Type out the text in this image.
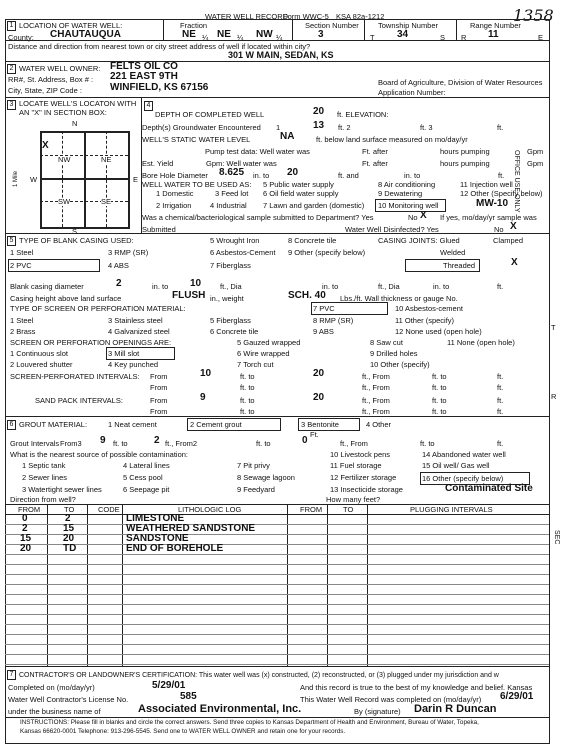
1358
WATER WELL RECORD
Form WWC-5 KSA 82a-1212
1 LOCATION OF WATER WELL:
County: CHAUTAUQUA
Fraction
NE ¼ NE ¼ NW ¼
Section Number
3
Township Number
T 34	S
Range Number
R 11	E
Distance and direction from nearest town or city street address of well if located within city?
301 W MAIN, SEDAN, KS
2 WATER WELL OWNER: FELTS OIL CO
RR#, St. Address, Box # : 221 EAST 9TH
City, State, ZIP Code :	WINFIELD, KS 67156	Board of Agriculture, Division of Water Resources
Application Number:
3 LOCATE WELL'S LOCATON WITH
AN "X" IN SECTION BOX:
N
S
W	E
1 Mile
NW	NE
SW	SE
X
4
DEPTH OF COMPLETED WELL	20 ft. ELEVATION:
Depth(s) Groundwater Encountered 1	13 ft. 2	ft. 3	ft.
WELL'S STATIC WATER LEVEL	NA	ft. below land surface measured on mo/day/yr
Pump test data: Well water was	Ft. after	hours pumping	Gpm
Est. Yield	Gpm: Well water was	Ft. after	hours pumping	Gpm
Bore Hole Diameter 8.625 in. to 20	ft. and	in. to	ft.
WELL WATER TO BE USED AS:
1 Domestic	3 Feed lot
5 Public water supply
6 Oil field water supply
8 Air conditioning
9 Dewatering
11 Injection well
12 Other (Specify below)
2 Irrigation 4 Industrial 7 Lawn and garden (domestic) 10 Monitoring well	MW-10
Was a chemical/bacteriological sample submitted to Department? Yes	No X If yes, mo/day/yr sample was
Submitted	Water Well Disinfected? Yes	No X
5 TYPE OF BLANK CASING USED:
1 Steel	3 RMP (SR)
5 Wrought Iron	8 Concrete tile
2 PVC	4 ABS
6 Asbestos-Cement 9 Other (specify below)
7 Fiberglass
CASING JOINTS: Glued	Clamped
Welded
Threaded	X
Blank casing diameter	2	in. to 10	ft., Dia	in. to	ft., Dia	in. to	ft.
Casing height above land surface	FLUSH in., weight	SCH. 40 Lbs./ft. Wall thickness or gauge No.
TYPE OF SCREEN OR PERFORATION MATERIAL:
1 Steel	3 Stainless steel	5 Fiberglass
7 PVC	10 Asbestos-cement
2 Brass	4 Galvanized steel	6 Concrete tile
8 RMP (SR)	11 Other (specify)
9 ABS	12 None used (open hole)
SCREEN OR PERFORATION OPENINGS ARE:	5 Gauzed wrapped	8 Saw cut	11 None (open hole)
1 Continuous slot	3 Mill slot	6 Wire wrapped	9 Drilled holes
2 Louvered shutter	4 Key punched	7 Torch cut	10 Other (specify)
SCREEN-PERFORATED INTERVALS: From	10	ft. to	20	ft., From	ft. to	ft.
From	ft. to	ft., From	ft. to	ft.
SAND PACK INTERVALS:	From	9	ft. to	20	ft., From	ft. to	ft.
From	ft. to	ft., From	ft. to	ft.
6 GROUT MATERIAL:	1 Neat cement	2 Cement grout	3 Bentonite	4 Other
Ft.
Grout Intervals From3 9 ft. to	2 ft., From2	ft. to	0	ft., From	ft. to	ft.
What is the nearest source of possible contamination:
1 Septic tank	4 Lateral lines	7 Pit privy
10 Livestock pens	14 Abandoned water well
2 Sewer lines	5 Cess pool	8 Sewage lagoon
11 Fuel storage	15 Oil well/ Gas well
3 Watertight sewer lines	6 Seepage pit	9 Feedyard
12 Fertilizer storage	16 Other (specify below)
13 Insecticide storage	Contaminated Site
Direction from well?	How many feet?
FROM	TO	CODE	LITHOLOGIC LOG	FROM	TO	PLUGGING INTERVALS
0	2	LIMESTONE
2	15	WEATHERED SANDSTONE
15	20	SANDSTONE
20	TD	END OF BOREHOLE
7 CONTRACTOR'S OR LANDOWNER'S CERTIFICATION: This water well was (x) constructed, (2) reconstructed, or (3) plugged under my jurisdiction and w
Completed on (mo/day/yr)	5/29/01	And this record is true to the best of my knowledge and belief. Kansas
Water Well Contractor's License No.	585	This Water Well Record was completed on (mo/day/yr) 6/29/01
under the business name of	Associated Environmental, Inc.	By (signature) Darin R Duncan
INSTRUCTIONS: Please fill in blanks and circle the correct answers. Send three copies to Kansas Department of Health and Environment, Bureau of Water, Topeka,
Kansas 66620-0001 Telephone: 913-296-5545. Send one to WATER WELL OWNER and retain one for your records.
OFFICE USE ONLY
T
R
SEC
